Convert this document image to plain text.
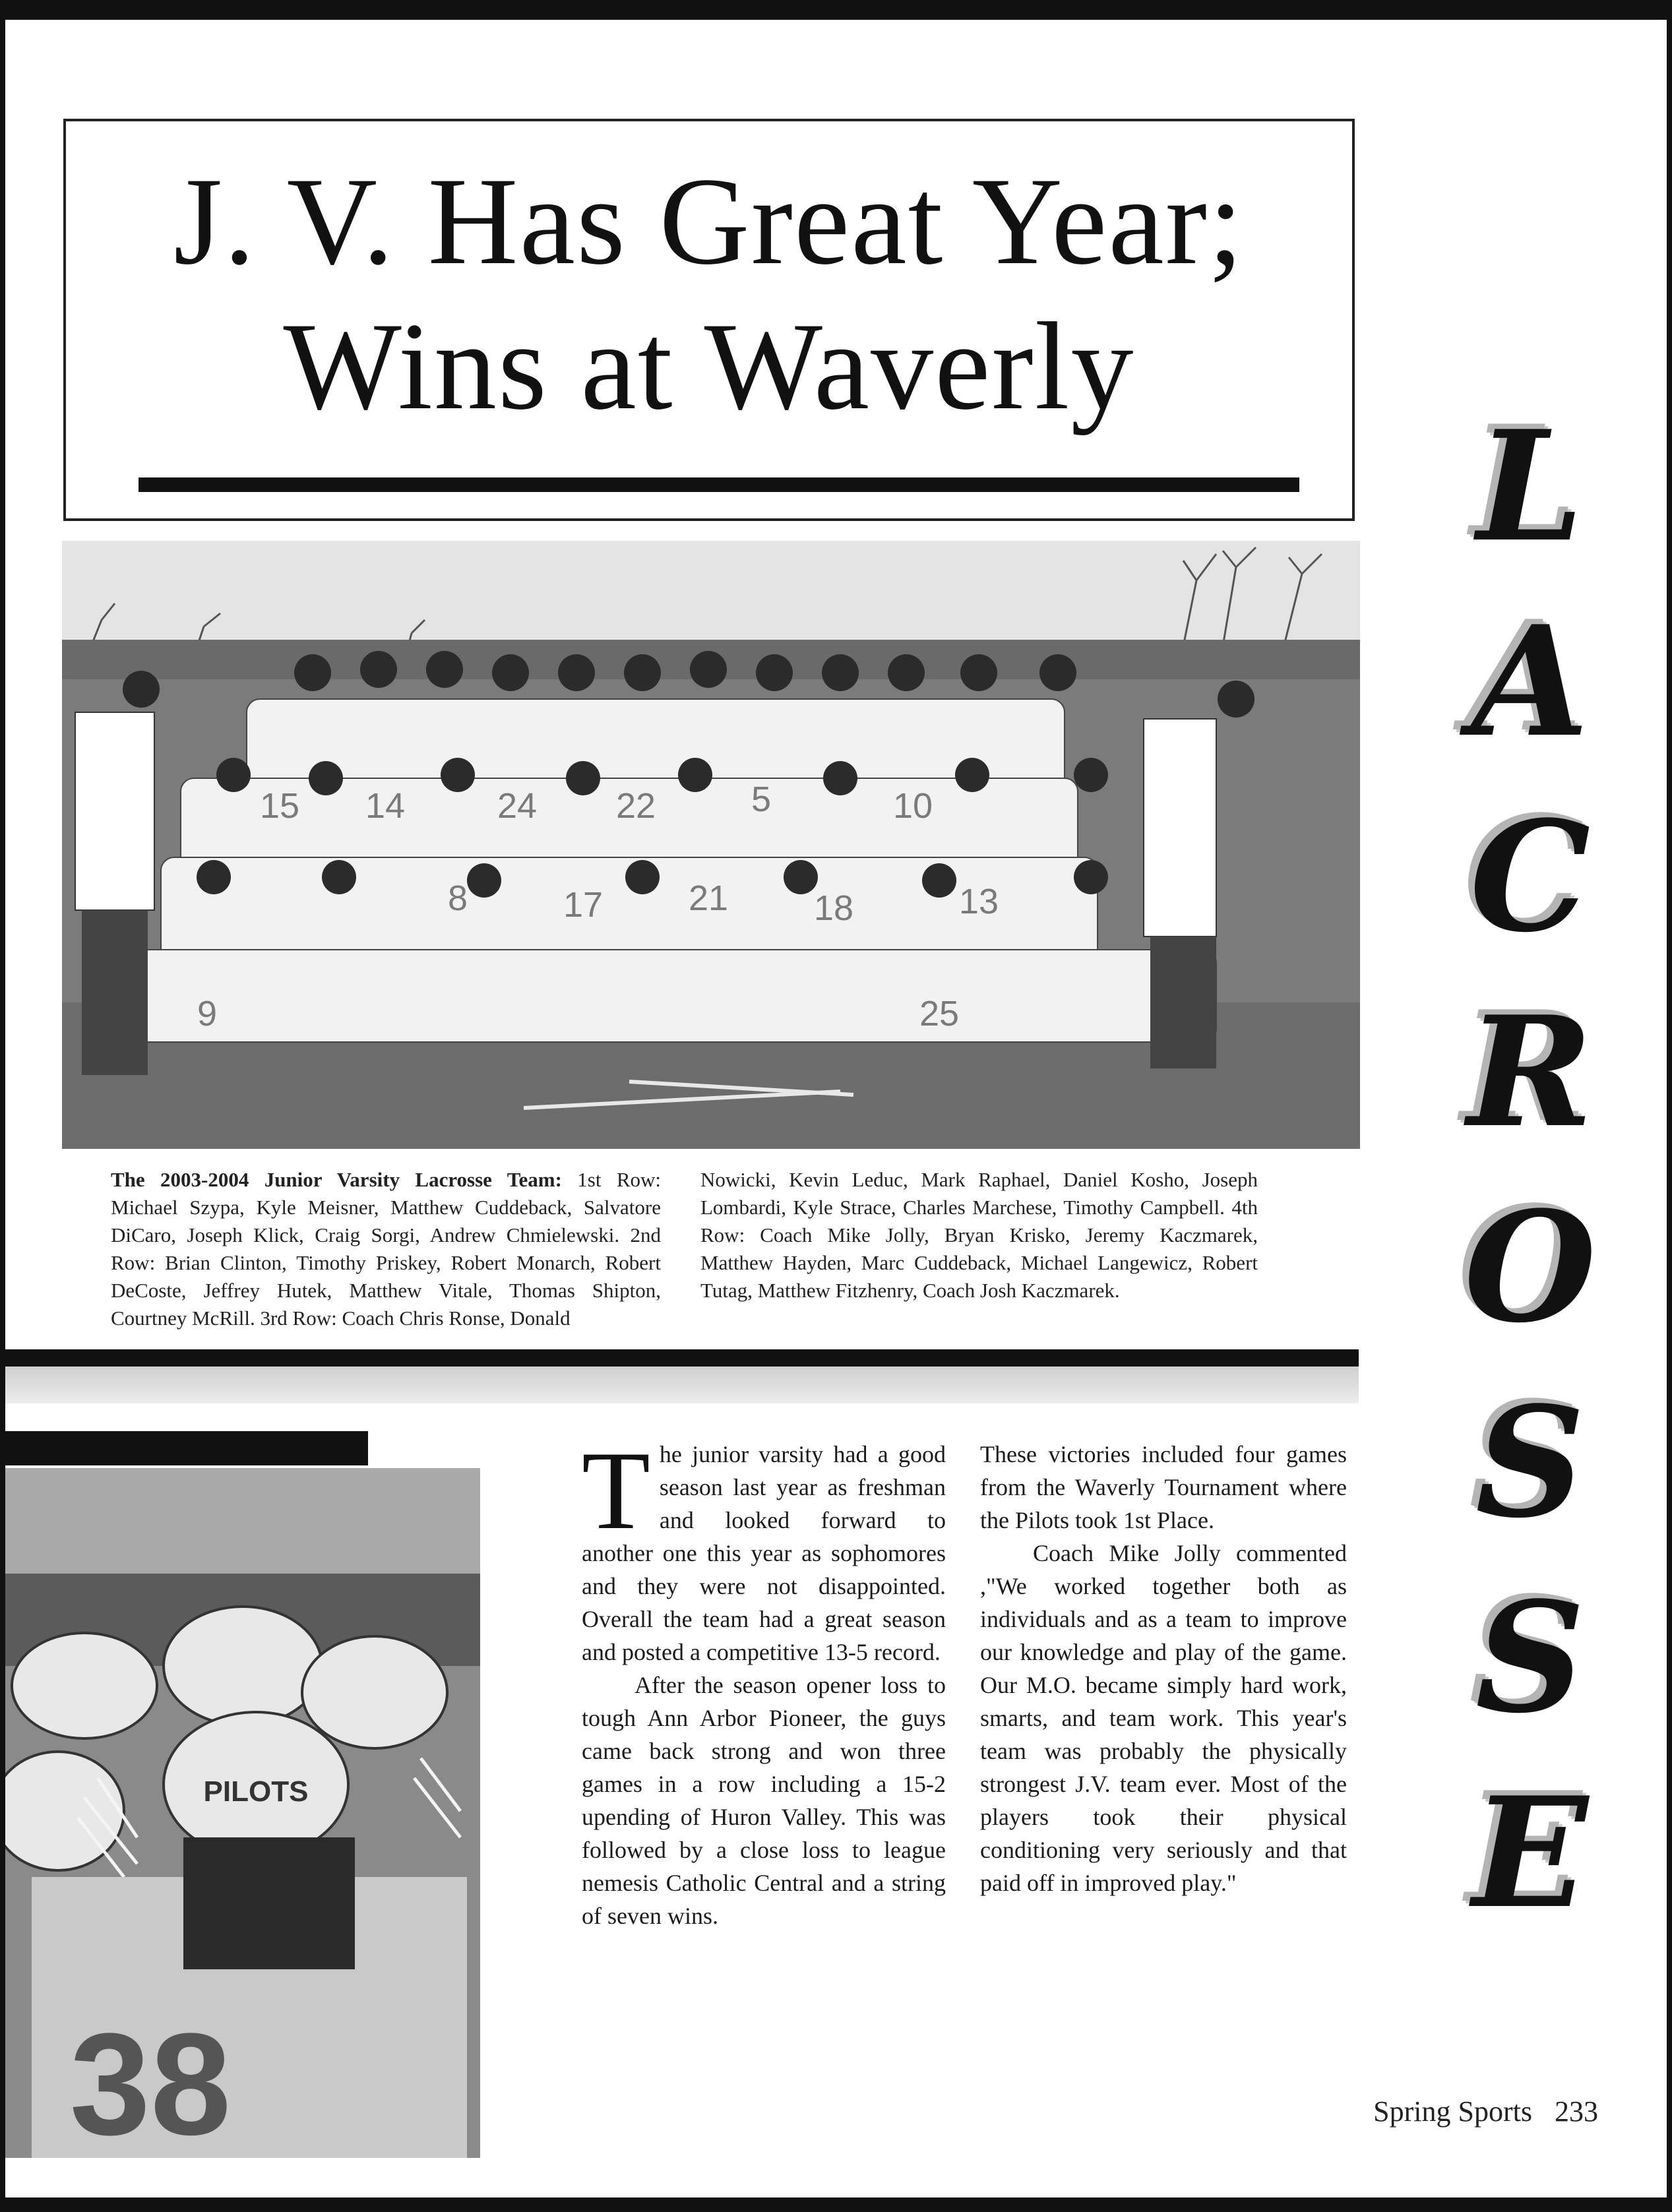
J. V. Has Great Year;
Wins at Waverly
15 14	24 22	5	10
8	17 21 18	13
9	25
The 2003-2004 Junior Varsity Lacrosse Team: 1st Row: Michael Szypa, Kyle Meisner, Matthew Cuddeback, Salvatore DiCaro, Joseph Klick, Craig Sorgi, Andrew Chmielewski. 2nd Row: Brian Clinton, Timothy Priskey, Robert Monarch, Robert DeCoste, Jeffrey Hutek, Matthew Vitale, Thomas Shipton, Courtney McRill. 3rd Row: Coach Chris Ronse, Donald
Nowicki, Kevin Leduc, Mark Raphael, Daniel Kosho, Joseph Lombardi, Kyle Strace, Charles Marchese, Timothy Campbell. 4th Row: Coach Mike Jolly, Bryan Krisko, Jeremy Kaczmarek, Matthew Hayden, Marc Cuddeback, Michael Langewicz, Robert Tutag, Matthew Fitzhenry, Coach Josh Kaczmarek.
PILOTS
38

The junior varsity had a good season last year as freshman and looked forward to another one this year as sophomores and they were not disappointed. Overall the team had a great season and posted a competitive 13-5 record.

After the season opener loss to tough Ann Arbor Pioneer, the guys came back strong and won three games in a row including a 15-2 upending of Huron Valley. This was followed by a close loss to league nemesis Catholic Central and a string of seven wins.

These victories included four games from the Waverly Tournament where the Pilots took 1st Place.

Coach Mike Jolly commented ,"We worked together both as individuals and as a team to improve our knowledge and play of the game. Our M.O. became simply hard work, smarts, and team work. This year's team was probably the physically strongest J.V. team ever. Most of the players took their physical conditioning very seriously and that paid off in improved play."

L
A
C
R
O
S
S
E
Spring Sports 233
